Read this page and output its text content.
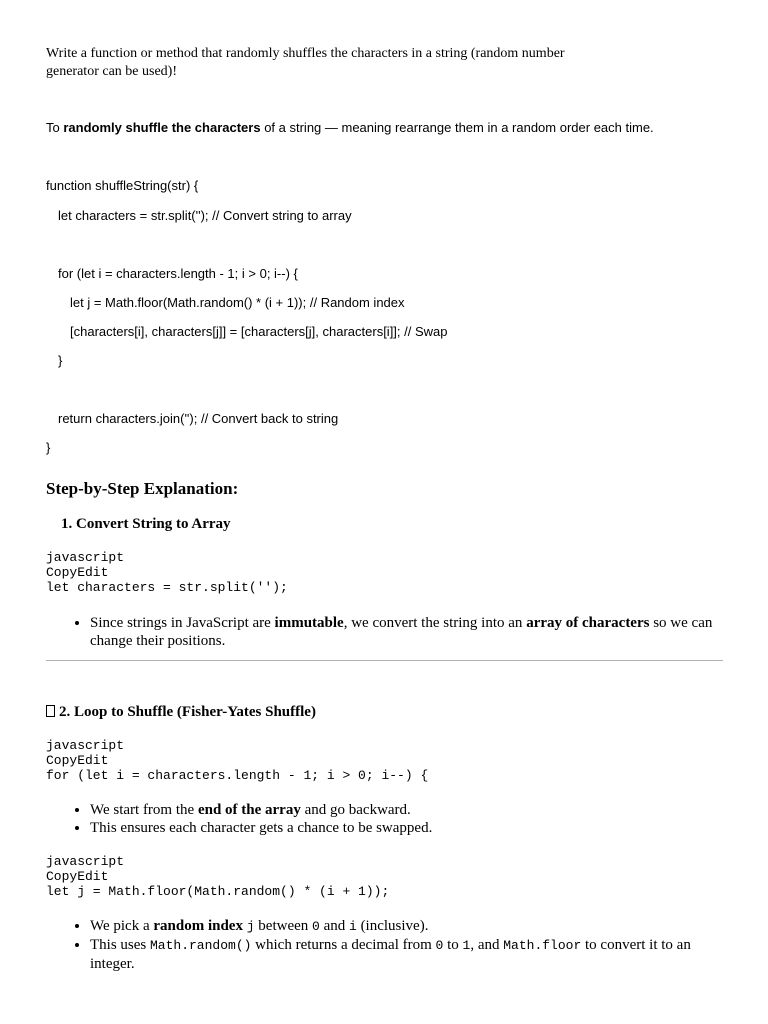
Write a function or method that randomly shuffles the characters in a string (random number generator can be used)!
To randomly shuffle the characters of a string — meaning rearrange them in a random order each time.
function shuffleString(str) {
let characters = str.split(''); // Convert string to array
for (let i = characters.length - 1; i > 0; i--) {
let j = Math.floor(Math.random() * (i + 1)); // Random index
[characters[i], characters[j]] = [characters[j], characters[i]]; // Swap
}
return characters.join(''); // Convert back to string
}
Step-by-Step Explanation:
1. Convert String to Array
javascript
CopyEdit
let characters = str.split('');
• Since strings in JavaScript are immutable, we convert the string into an array of characters so we can change their positions.
2. Loop to Shuffle (Fisher-Yates Shuffle)
javascript
CopyEdit
for (let i = characters.length - 1; i > 0; i--) {
• We start from the end of the array and go backward.
• This ensures each character gets a chance to be swapped.
javascript
CopyEdit
let j = Math.floor(Math.random() * (i + 1));
• We pick a random index j between 0 and i (inclusive).
• This uses Math.random() which returns a decimal from 0 to 1, and Math.floor to convert it to an integer.
